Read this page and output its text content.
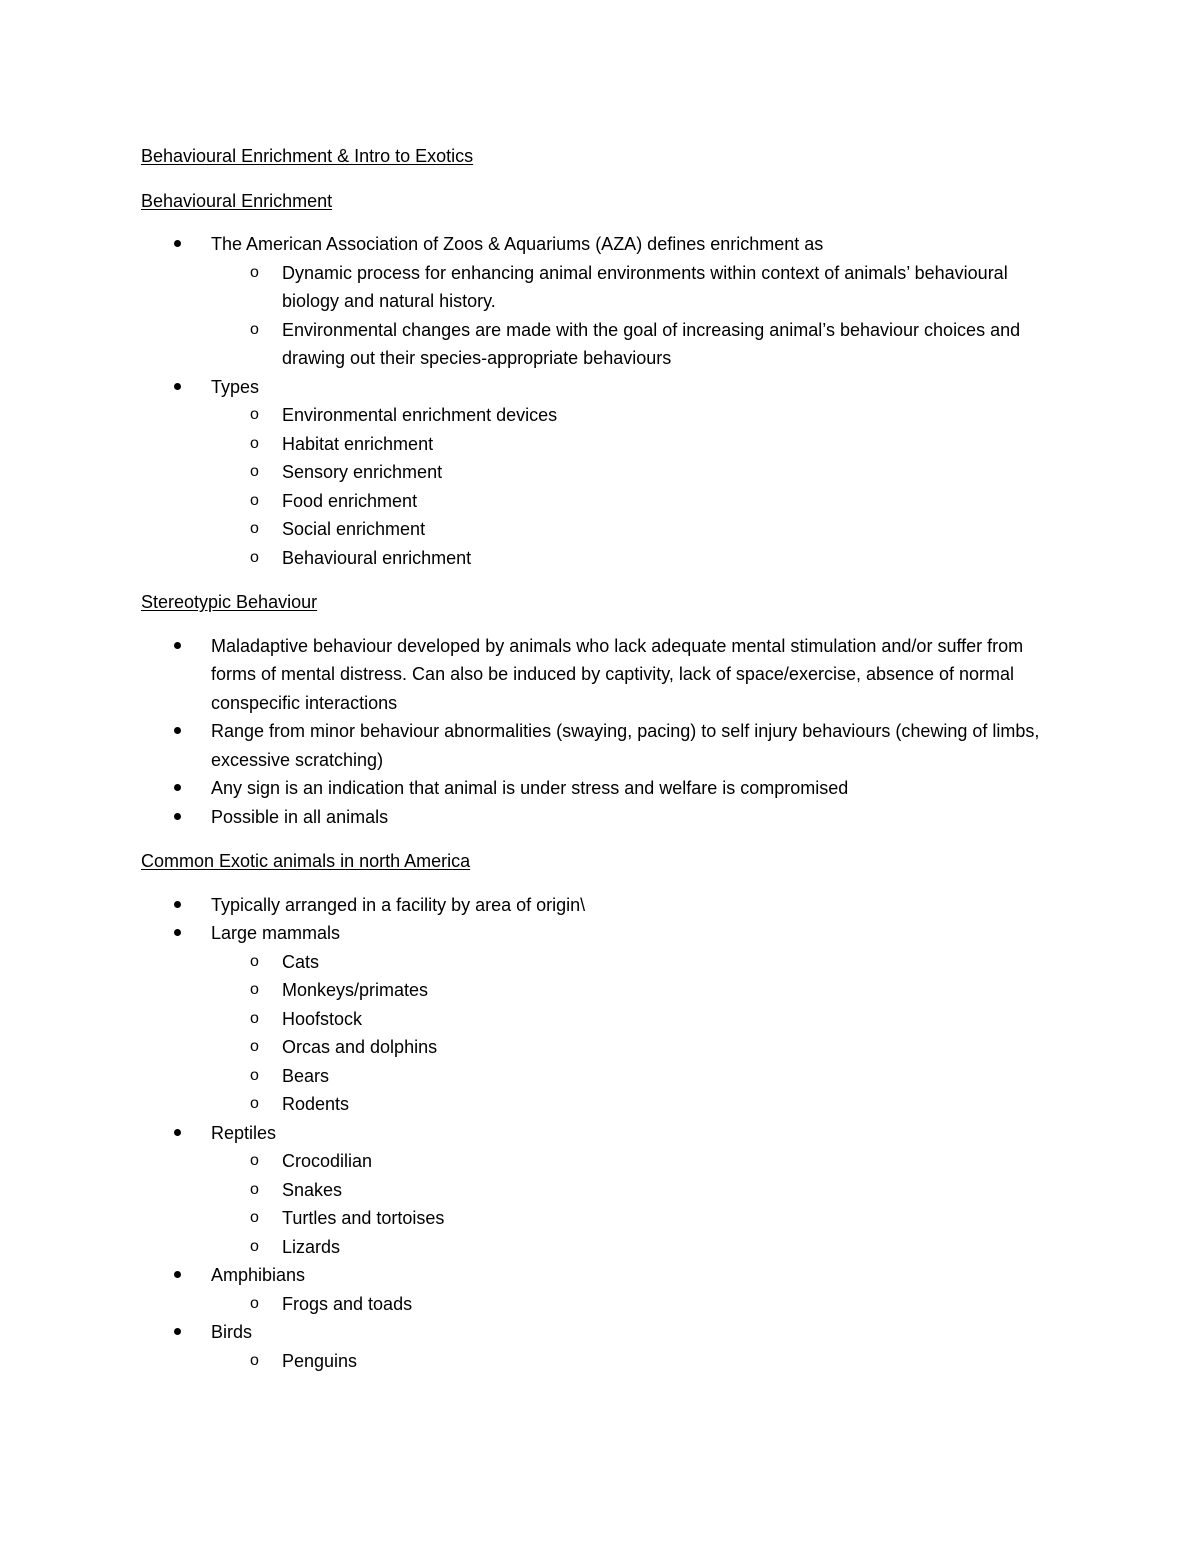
Behavioural Enrichment & Intro to Exotics

Behavioural Enrichment

The American Association of Zoos & Aquariums (AZA) defines enrichment as
o Dynamic process for enhancing animal environments within context of animals’ behavioural biology and natural history.
o Environmental changes are made with the goal of increasing animal’s behaviour choices and drawing out their species-appropriate behaviours
Types
o Environmental enrichment devices
o Habitat enrichment
o Sensory enrichment
o Food enrichment
o Social enrichment
o Behavioural enrichment

Stereotypic Behaviour

Maladaptive behaviour developed by animals who lack adequate mental stimulation and/or suffer from forms of mental distress. Can also be induced by captivity, lack of space/exercise, absence of normal conspecific interactions
Range from minor behaviour abnormalities (swaying, pacing) to self injury behaviours (chewing of limbs, excessive scratching)
Any sign is an indication that animal is under stress and welfare is compromised
Possible in all animals

Common Exotic animals in north America

Typically arranged in a facility by area of origin\
Large mammals
o Cats
o Monkeys/primates
o Hoofstock
o Orcas and dolphins
o Bears
o Rodents
Reptiles
o Crocodilian
o Snakes
o Turtles and tortoises
o Lizards
Amphibians
o Frogs and toads
Birds
o Penguins
